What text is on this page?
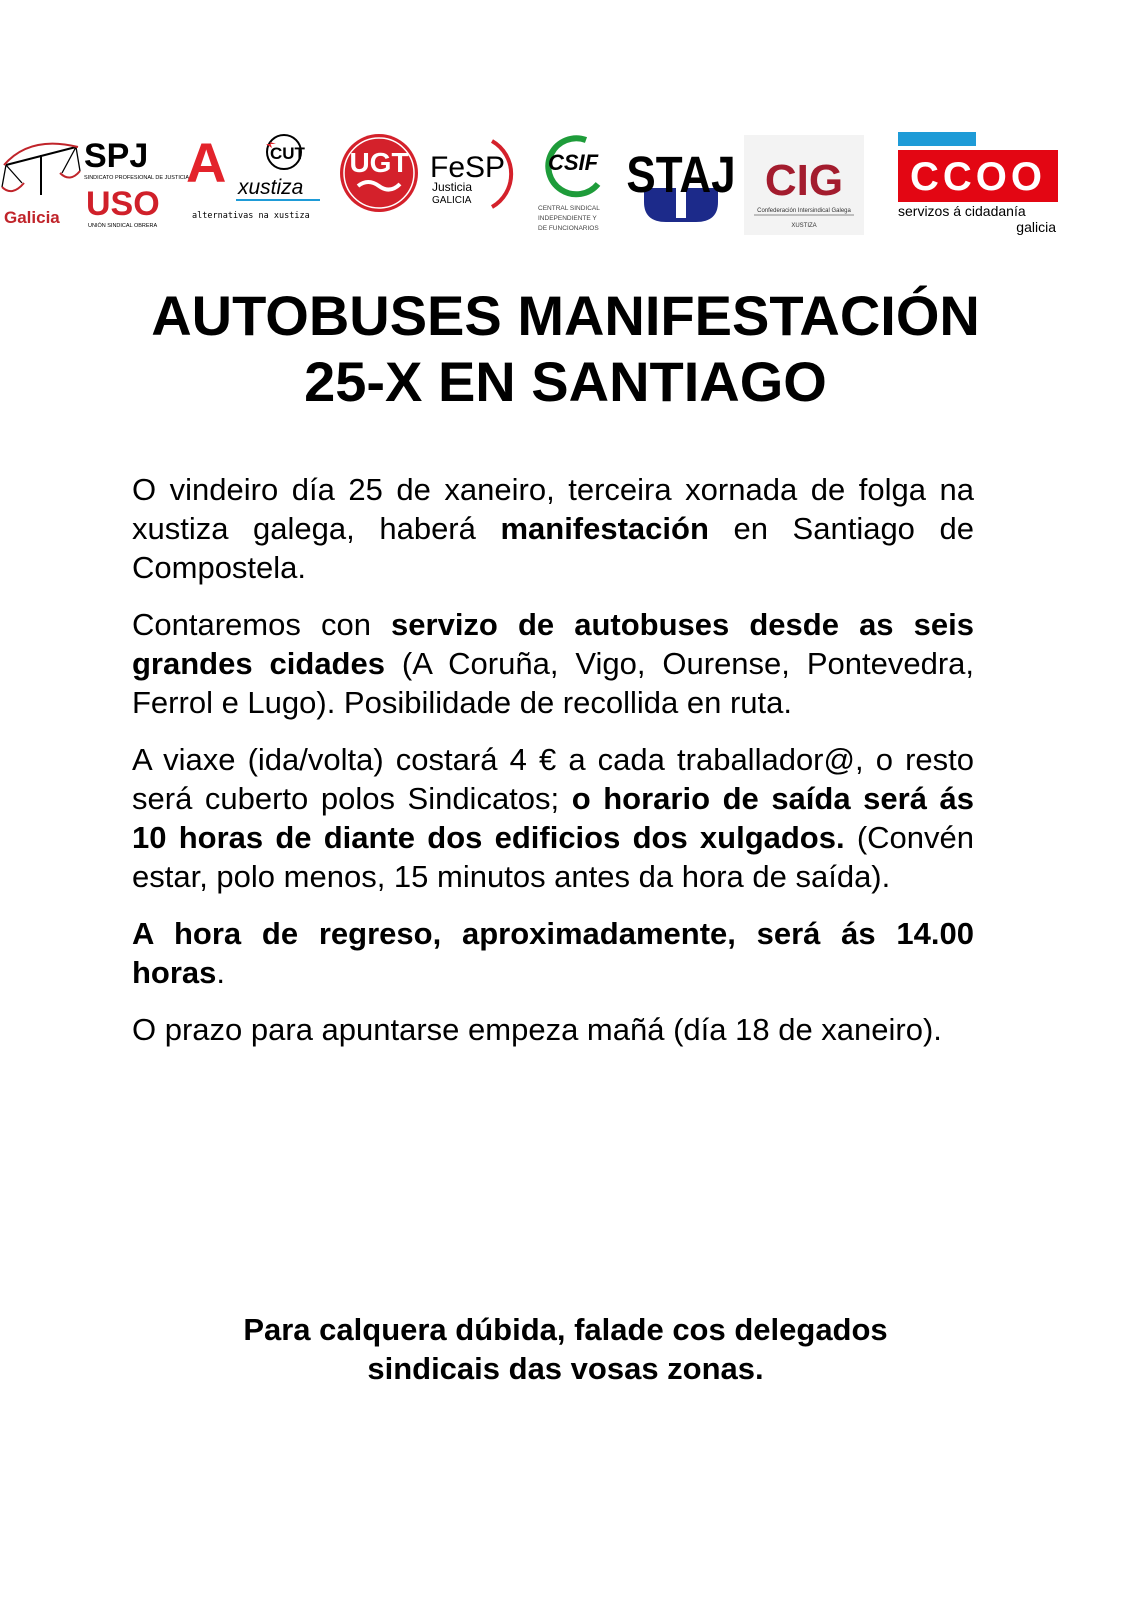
Galicia
SPJ
SINDICATO PROFESIONAL DE JUSTICIA
USO
UNIÓN SINDICAL OBRERA
A	CUT
xustiza
alternativas na xustiza
UGT FeSP
Justicia
GALICIA
CSIF
CENTRAL SINDICAL
INDEPENDIENTE Y
DE FUNCIONARIOS
STAJ CIG
Confederación Intersindical Galega
XUSTIZA
CCOO
servizos á cidadanía
galicia
AUTOBUSES MANIFESTACIÓN
25-X EN SANTIAGO

O vindeiro día 25 de xaneiro, terceira xornada de folga na xustiza galega, haberá manifestación en Santiago de Compostela.

Contaremos con servizo de autobuses desde as seis grandes cidades (A Coruña, Vigo, Ourense, Pontevedra, Ferrol e Lugo). Posibilidade de recollida en ruta.

A viaxe (ida/volta) costará 4 € a cada traballador@, o resto será cuberto polos Sindicatos; o horario de saída será ás 10 horas de diante dos edificios dos xulgados. (Convén estar, polo menos, 15 minutos antes da hora de saída).

A hora de regreso, aproximadamente, será ás 14.00 horas.

O prazo para apuntarse empeza mañá (día 18 de xaneiro).

Para calquera dúbida, falade cos delegados
sindicais das vosas zonas.
